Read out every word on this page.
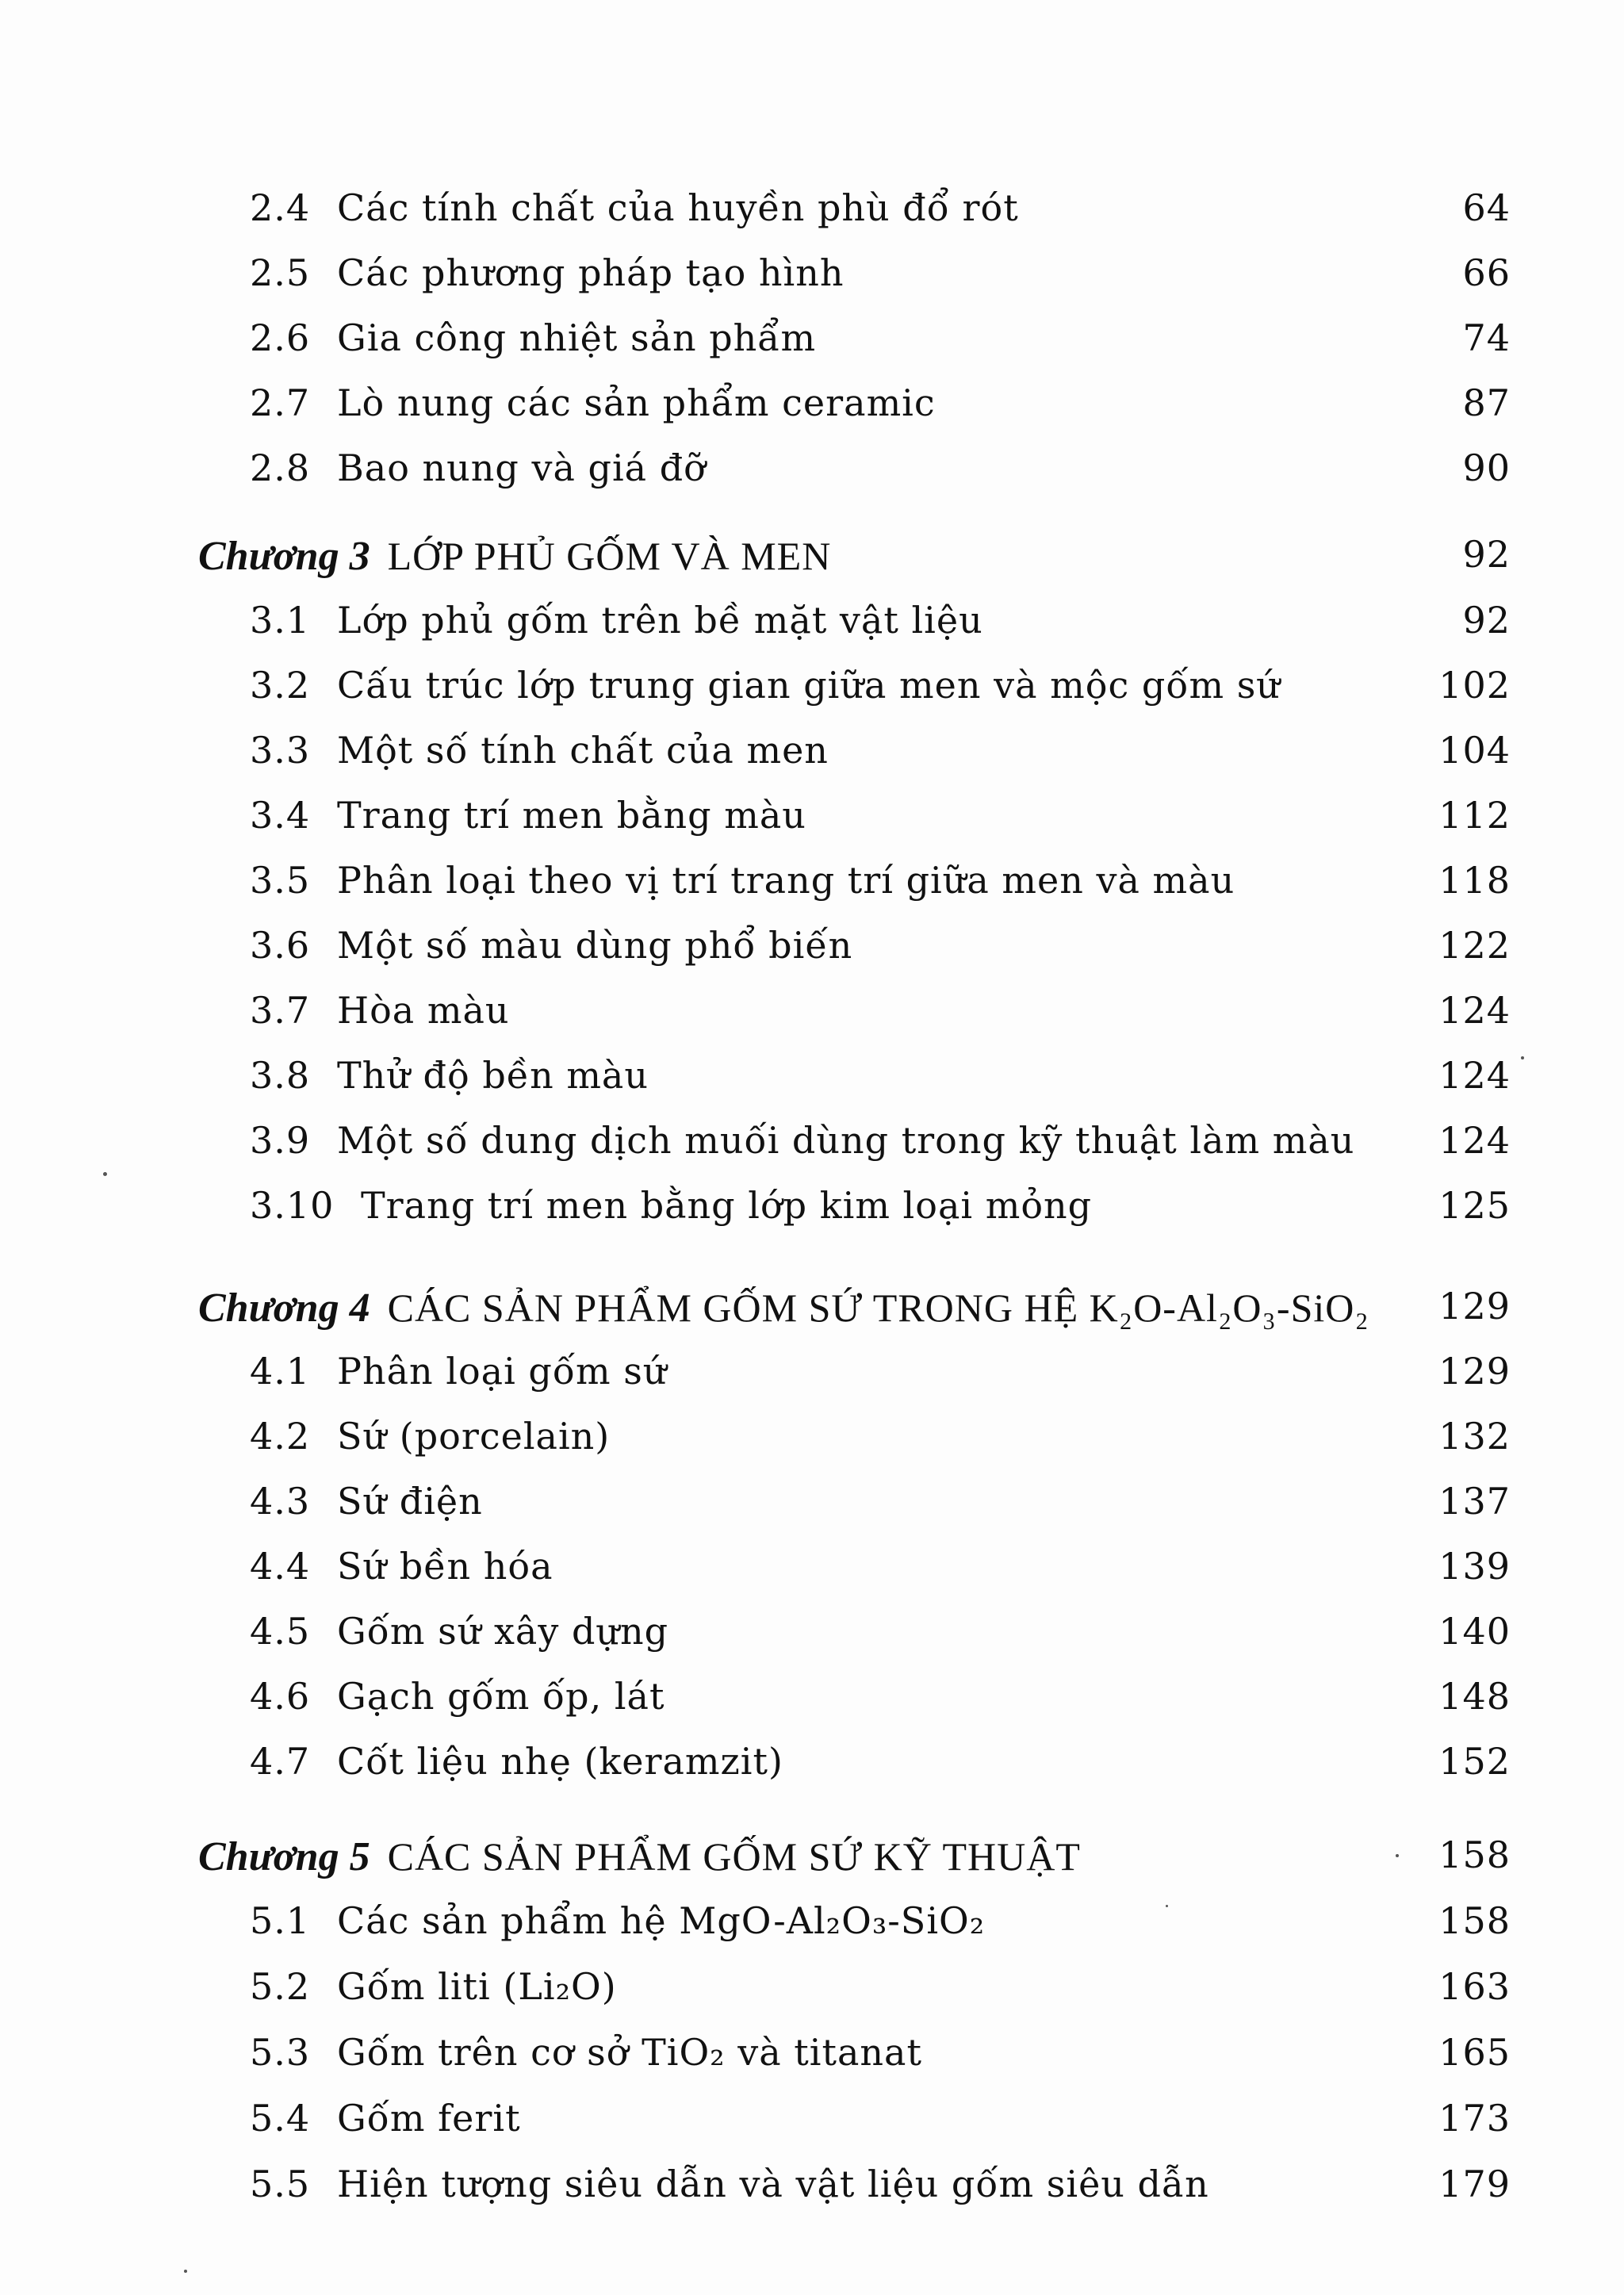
2.4 Các tính chất của huyền phù đổ rót	64
2.5 Các phương pháp tạo hình	66
2.6 Gia công nhiệt sản phẩm	74
2.7 Lò nung các sản phẩm ceramic	87
2.8 Bao nung và giá đỡ	90
Chương 3 LỚP PHỦ GỐM VÀ MEN	92
3.1 Lớp phủ gốm trên bề mặt vật liệu	92
3.2 Cấu trúc lớp trung gian giữa men và mộc gốm sứ	102
3.3 Một số tính chất của men	104
3.4 Trang trí men bằng màu	112
3.5 Phân loại theo vị trí trang trí giữa men và màu	118
3.6 Một số màu dùng phổ biến	122
3.7 Hòa màu	124
3.8 Thử độ bền màu	124
3.9 Một số dung dịch muối dùng trong kỹ thuật làm màu 124
3.10 Trang trí men bằng lớp kim loại mỏng	125
Chương 4 CÁC SẢN PHẨM GỐM SỨ TRONG HỆ K₂O-Al₂O₃-SiO₂ 129
4.1 Phân loại gốm sứ	129
4.2 Sứ (porcelain)	132
4.3 Sứ điện	137
4.4 Sứ bền hóa	139
4.5 Gốm sứ xây dựng	140
4.6 Gạch gốm ốp, lát	148
4.7 Cốt liệu nhẹ (keramzit)	152
Chương 5 CÁC SẢN PHẨM GỐM SỨ KỸ THUẬT	158
5.1 Các sản phẩm hệ MgO-Al₂O₃-SiO₂	158
5.2 Gốm liti (Li₂O)	163
5.3 Gốm trên cơ sở TiO₂ và titanat	165
5.4 Gốm ferit	173
5.5 Hiện tượng siêu dẫn và vật liệu gốm siêu dẫn	179
